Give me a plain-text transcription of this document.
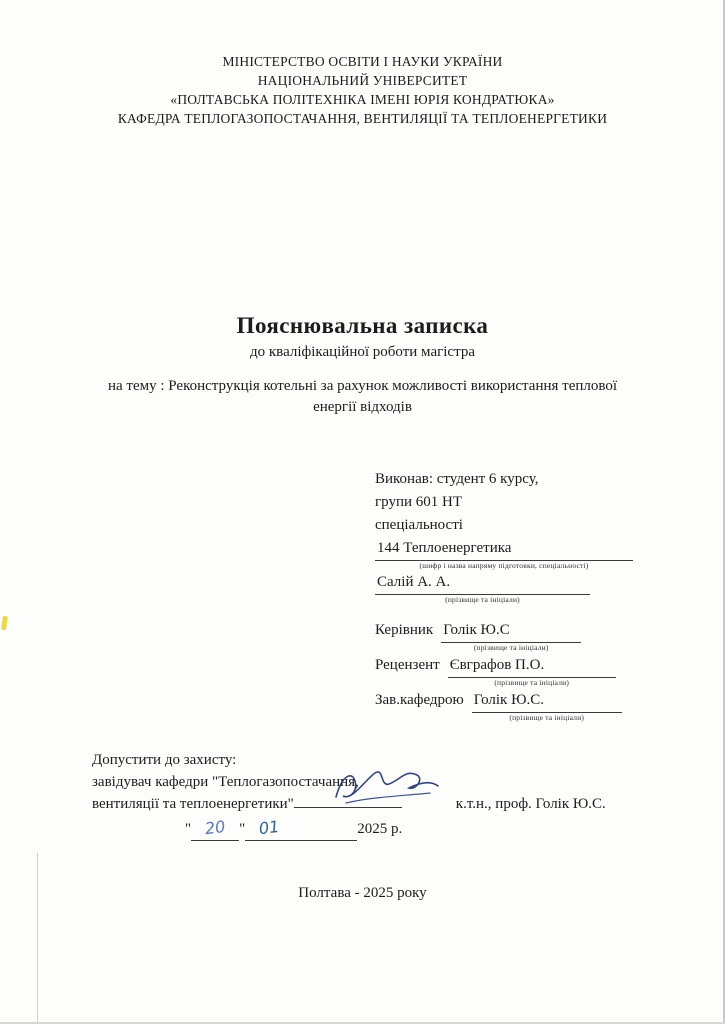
МІНІСТЕРСТВО ОСВІТИ І НАУКИ УКРАЇНИ
НАЦІОНАЛЬНИЙ УНІВЕРСИТЕТ
«ПОЛТАВСЬКА ПОЛІТЕХНІКА ІМЕНІ ЮРІЯ КОНДРАТЮКА»
КАФЕДРА ТЕПЛОГАЗОПОСТАЧАННЯ, ВЕНТИЛЯЦІЇ ТА ТЕПЛОЕНЕРГЕТИКИ
Пояснювальна записка
до кваліфікаційної роботи магістра
на тему : Реконструкція котельні за рахунок можливості використання теплової
енергії відходів
Виконав: студент 6 курсу,
групи 601 НТ
спеціальності
144 Теплоенергетика
(шифр і назва напряму підготовки, спеціальності)

Салій А. А.
(прізвище та ініціали)
Керівник Голік Ю.С
(прізвище та ініціали)
Рецензент Євграфов П.О.
(прізвище та ініціали)
Зав.кафедрою Голік Ю.С.
(прізвище та ініціали)
Допустити до захисту:
завідувач кафедри "Теплогазопостачання,
вентиляції та теплоенергетики"	к.т.н., проф. Голік Ю.С.
" 20 " 01	2025 р.
Полтава - 2025 року
